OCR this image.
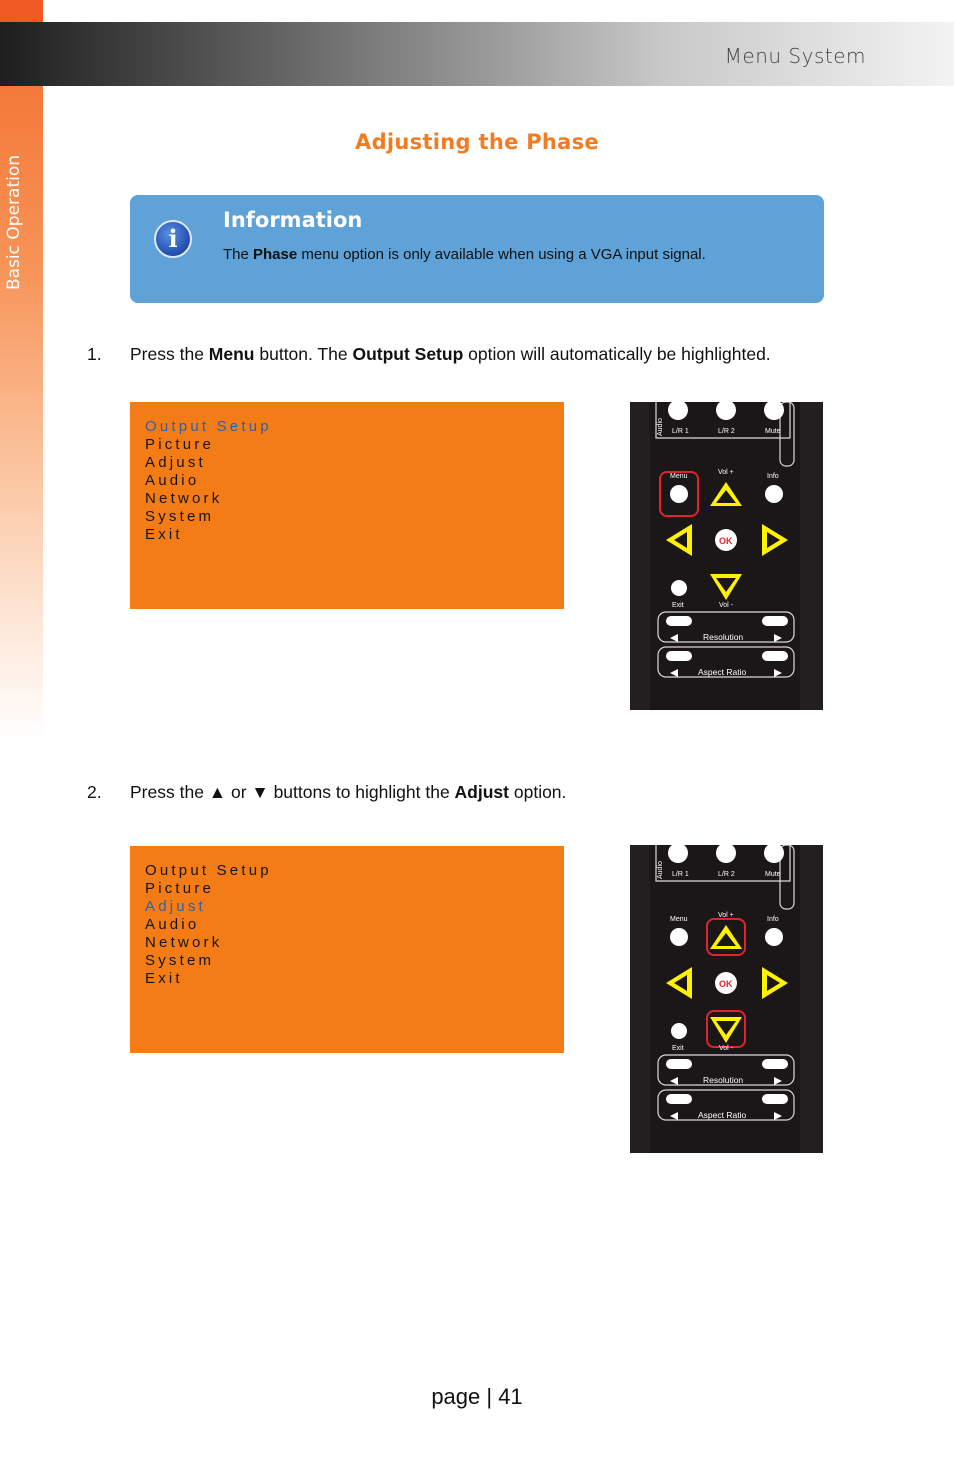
Basic Operation
Menu System
Adjusting the Phase
i
Information
The Phase menu option is only available when using a VGA input signal.
1. Press the Menu button. The Output Setup option will automatically be highlighted.
2. Press the ▲ or ▼ buttons to highlight the Adjust option.
Output Setup
Picture
Adjust
Audio
Network
System
Exit
Output Setup
Picture
Adjust
Audio
Network
System
Exit
Audio L/R 1	L/R 2	Mute
Menu
Vol +
Info
OK
Exit	Vol -
Resolution
Aspect Ratio
Audio L/R 1	L/R 2	Mute
Menu
Vol +
Info
OK
Exit	Vol -
Resolution
Aspect Ratio
page | 41
